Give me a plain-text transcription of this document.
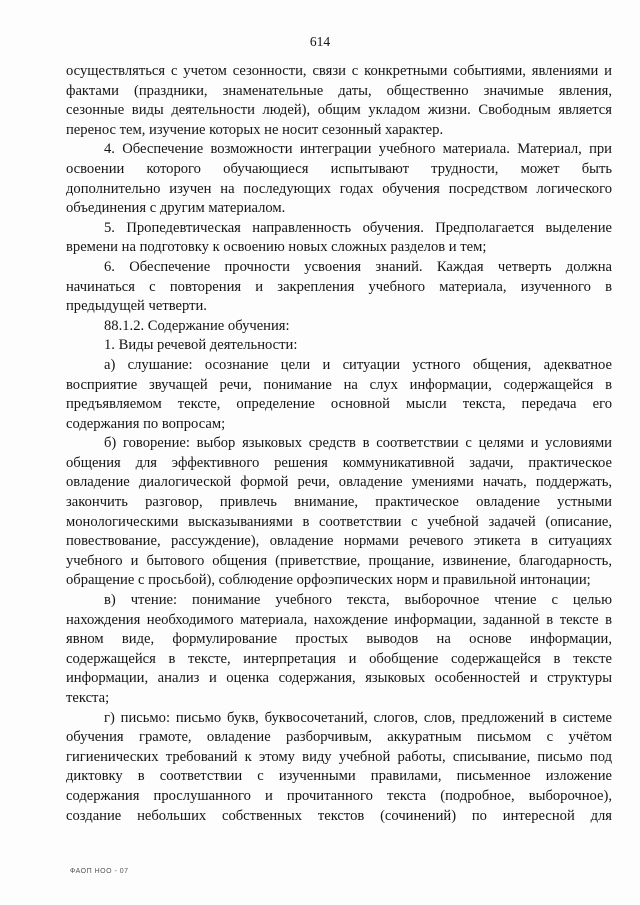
614
осуществляться с учетом сезонности, связи с конкретными событиями, явлениями и
фактами (праздники, знаменательные даты, общественно значимые явления,
сезонные виды деятельности людей), общим укладом жизни. Свободным является
перенос тем, изучение которых не носит сезонный характер.
4. Обеспечение возможности интеграции учебного материала. Материал, при
освоении которого обучающиеся испытывают трудности, может быть
дополнительно изучен на последующих годах обучения посредством логического
объединения с другим материалом.
5. Пропедевтическая направленность обучения. Предполагается выделение
времени на подготовку к освоению новых сложных разделов и тем;
6. Обеспечение прочности усвоения знаний. Каждая четверть должна
начинаться с повторения и закрепления учебного материала, изученного в
предыдущей четверти.
88.1.2. Содержание обучения:
1. Виды речевой деятельности:
а) слушание: осознание цели и ситуации устного общения, адекватное
восприятие звучащей речи, понимание на слух информации, содержащейся в
предъявляемом тексте, определение основной мысли текста, передача его
содержания по вопросам;
б) говорение: выбор языковых средств в соответствии с целями и условиями
общения для эффективного решения коммуникативной задачи, практическое
овладение диалогической формой речи, овладение умениями начать, поддержать,
закончить разговор, привлечь внимание, практическое овладение устными
монологическими высказываниями в соответствии с учебной задачей (описание,
повествование, рассуждение), овладение нормами речевого этикета в ситуациях
учебного и бытового общения (приветствие, прощание, извинение, благодарность,
обращение с просьбой), соблюдение орфоэпических норм и правильной интонации;
в) чтение: понимание учебного текста, выборочное чтение с целью
нахождения необходимого материала, нахождение информации, заданной в тексте в
явном виде, формулирование простых выводов на основе информации,
содержащейся в тексте, интерпретация и обобщение содержащейся в тексте
информации, анализ и оценка содержания, языковых особенностей и структуры
текста;
г) письмо: письмо букв, буквосочетаний, слогов, слов, предложений в системе
обучения грамоте, овладение разборчивым, аккуратным письмом с учётом
гигиенических требований к этому виду учебной работы, списывание, письмо под
диктовку в соответствии с изученными правилами, письменное изложение
содержания прослушанного и прочитанного текста (подробное, выборочное),
создание небольших собственных текстов (сочинений) по интересной для
ФАОП НОО - 07
